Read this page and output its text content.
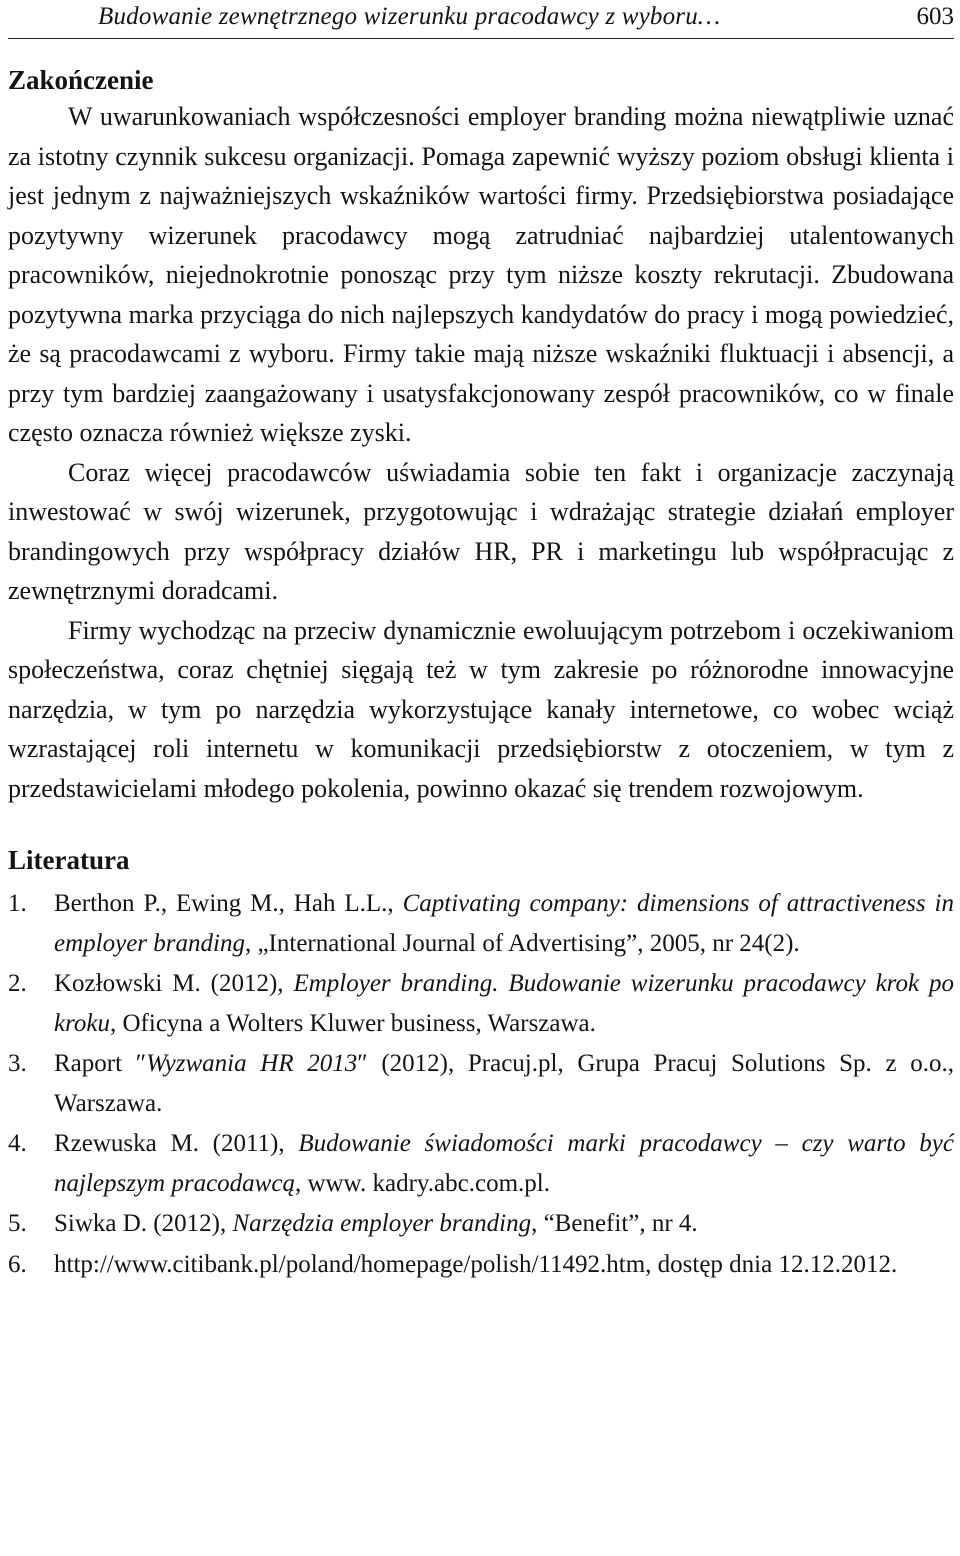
Budowanie zewnętrznego wizerunku pracodawcy z wyboru…	603
Zakończenie

W uwarunkowaniach współczesności employer branding można niewątpliwie uznać za istotny czynnik sukcesu organizacji. Pomaga zapewnić wyższy poziom obsługi klienta i jest jednym z najważniejszych wskaźników wartości firmy. Przedsiębiorstwa posiadające pozytywny wizerunek pracodawcy mogą zatrudniać najbardziej utalentowanych pracowników, niejednokrotnie ponosząc przy tym niższe koszty rekrutacji. Zbudowana pozytywna marka przyciąga do nich najlepszych kandydatów do pracy i mogą powiedzieć, że są pracodawcami z wyboru. Firmy takie mają niższe wskaźniki fluktuacji i absencji, a przy tym bardziej zaangażowany i usatysfakcjonowany zespół pracowników, co w finale często oznacza również większe zyski.

Coraz więcej pracodawców uświadamia sobie ten fakt i organizacje zaczynają inwestować w swój wizerunek, przygotowując i wdrażając strategie działań employer brandingowych przy współpracy działów HR, PR i marketingu lub współpracując z zewnętrznymi doradcami.

Firmy wychodząc na przeciw dynamicznie ewoluującym potrzebom i oczekiwaniom społeczeństwa, coraz chętniej sięgają też w tym zakresie po różnorodne innowacyjne narzędzia, w tym po narzędzia wykorzystujące kanały internetowe, co wobec wciąż wzrastającej roli internetu w komunikacji przedsiębiorstw z otoczeniem, w tym z przedstawicielami młodego pokolenia, powinno okazać się trendem rozwojowym.

Literatura
1. Berthon P., Ewing M., Hah L.L., Captivating company: dimensions of attractiveness in employer branding, „International Journal of Advertising”, 2005, nr 24(2).
2. Kozłowski M. (2012), Employer branding. Budowanie wizerunku pracodawcy krok po kroku, Oficyna a Wolters Kluwer business, Warszawa.
3. Raport ″Wyzwania HR 2013″ (2012), Pracuj.pl, Grupa Pracuj Solutions Sp. z o.o., Warszawa.
4. Rzewuska M. (2011), Budowanie świadomości marki pracodawcy – czy warto być najlepszym pracodawcą, www. kadry.abc.com.pl.
5. Siwka D. (2012), Narzędzia employer branding, “Benefit”, nr 4.
6. http://www.citibank.pl/poland/homepage/polish/11492.htm, dostęp dnia 12.12.2012.
